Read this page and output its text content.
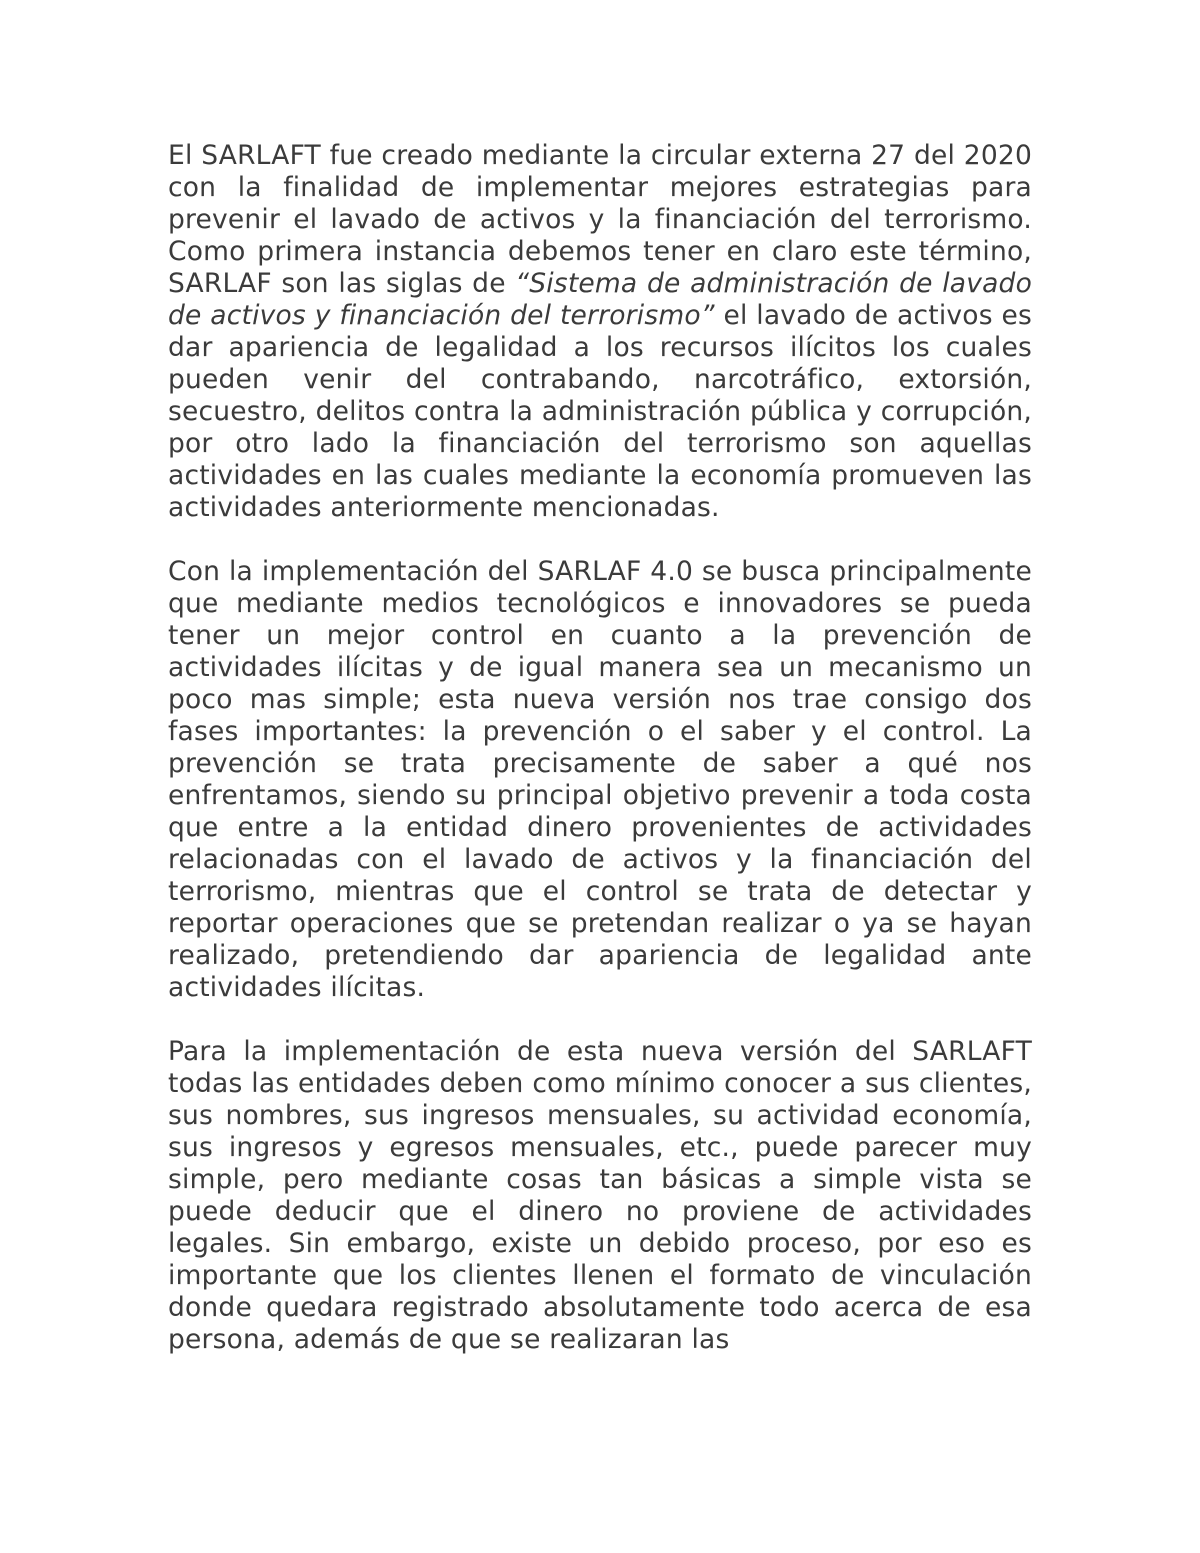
El SARLAFT fue creado mediante la circular externa 27 del 2020 con la finalidad de implementar mejores estrategias para prevenir el lavado de activos y la financiación del terrorismo. Como primera instancia debemos tener en claro este término, SARLAF son las siglas de “Sistema de administración de lavado de activos y financiación del terrorismo” el lavado de activos es dar apariencia de legalidad a los recursos ilícitos los cuales pueden venir del contrabando, narcotráfico, extorsión, secuestro, delitos contra la administración pública y corrupción, por otro lado la financiación del terrorismo son aquellas actividades en las cuales mediante la economía promueven las actividades anteriormente mencionadas.

Con la implementación del SARLAF 4.0 se busca principalmente que mediante medios tecnológicos e innovadores se pueda tener un mejor control en cuanto a la prevención de actividades ilícitas y de igual manera sea un mecanismo un poco mas simple; esta nueva versión nos trae consigo dos fases importantes: la prevención o el saber y el control. La prevención se trata precisamente de saber a qué nos enfrentamos, siendo su principal objetivo prevenir a toda costa que entre a la entidad dinero provenientes de actividades relacionadas con el lavado de activos y la financiación del terrorismo, mientras que el control se trata de detectar y reportar operaciones que se pretendan realizar o ya se hayan realizado, pretendiendo dar apariencia de legalidad ante actividades ilícitas.

Para la implementación de esta nueva versión del SARLAFT todas las entidades deben como mínimo conocer a sus clientes, sus nombres, sus ingresos mensuales, su actividad economía, sus ingresos y egresos mensuales, etc., puede parecer muy simple, pero mediante cosas tan básicas a simple vista se puede deducir que el dinero no proviene de actividades legales. Sin embargo, existe un debido proceso, por eso es importante que los clientes llenen el formato de vinculación donde quedara registrado absolutamente todo acerca de esa persona, además de que se realizaran las
